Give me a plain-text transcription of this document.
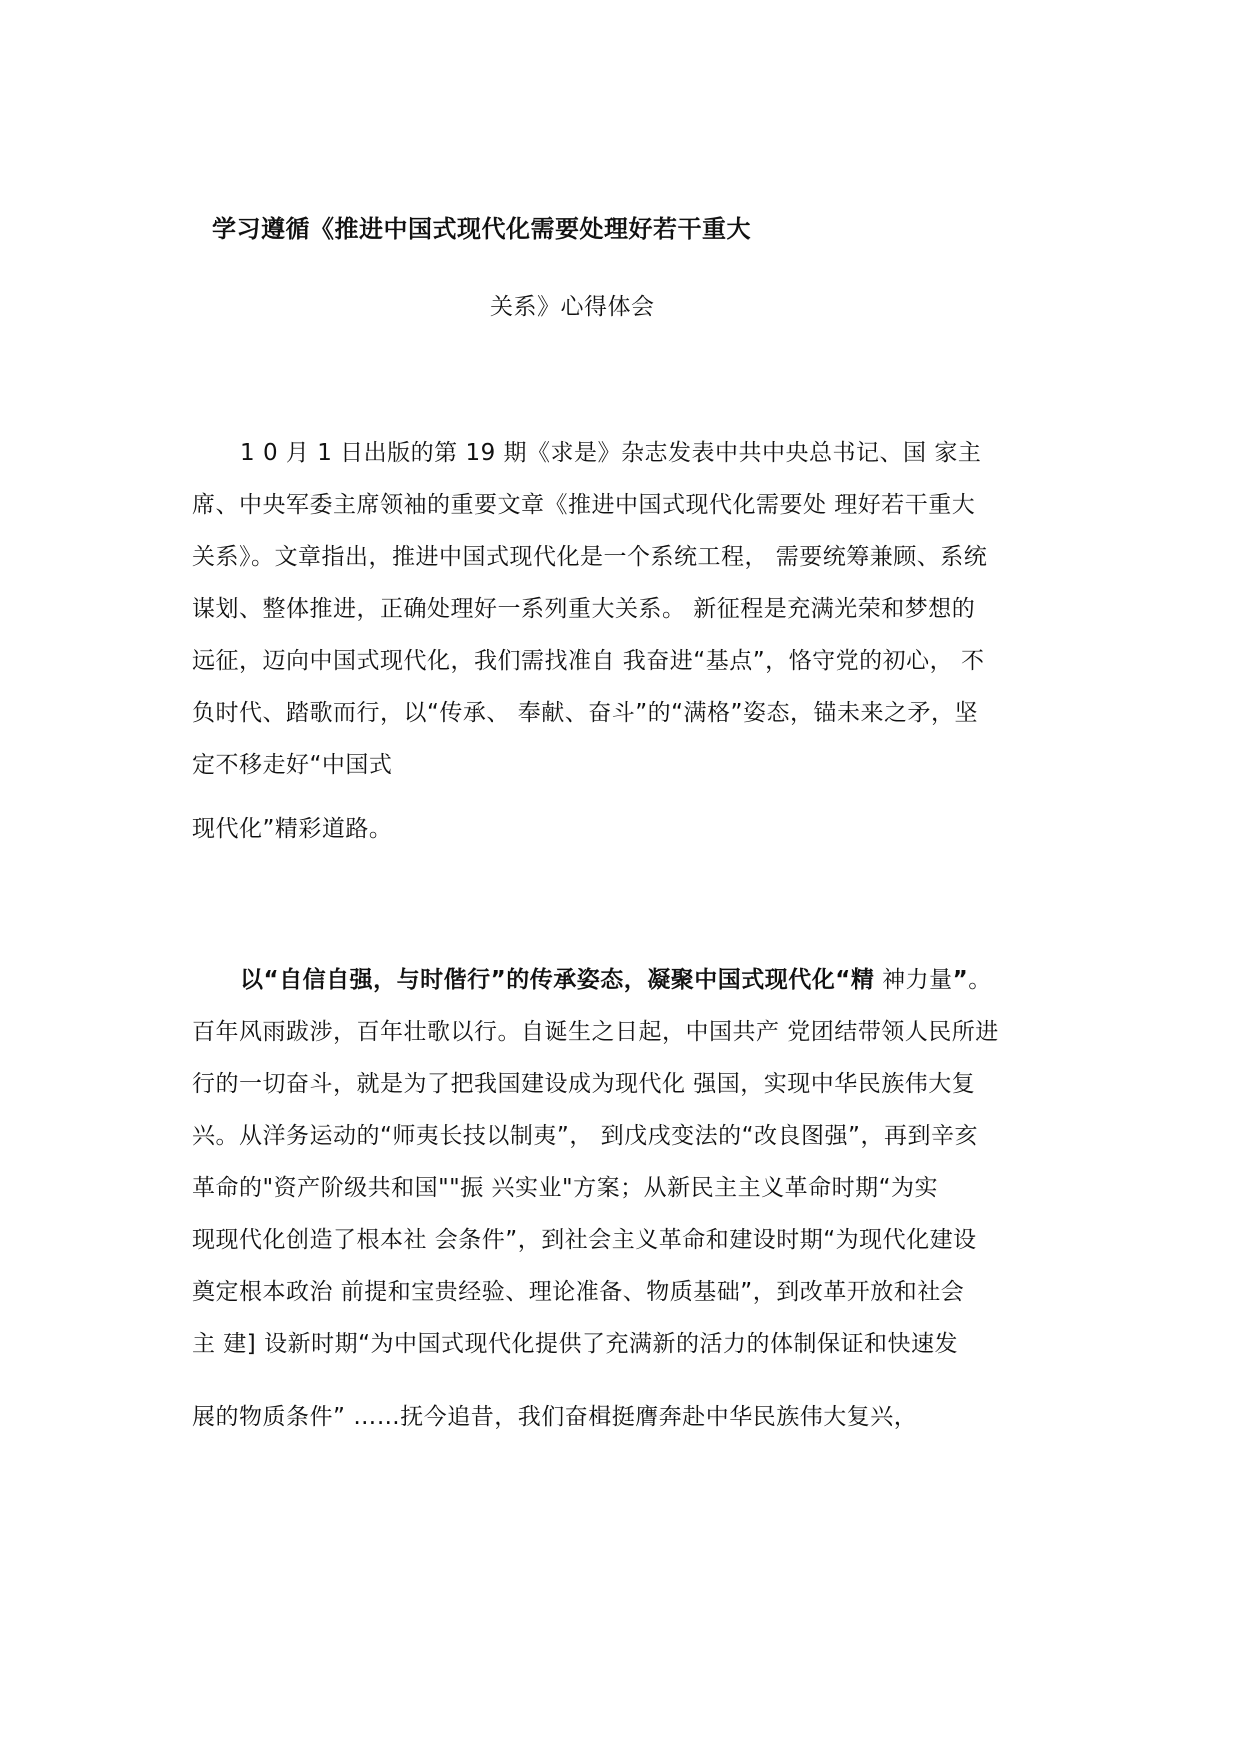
学习遵循《推进中国式现代化需要处理好若干重大
关系》心得体会
1 0 月 1 日出版的第 19 期《求是》杂志发表中共中央总书记、国 家主
席、中央军委主席领袖的重要文章《推进中国式现代化需要处 理好若干重大
关系》。文章指出，推进中国式现代化是一个系统工程， 需要统筹兼顾、系统
谋划、整体推进，正确处理好一系列重大关系。 新征程是充满光荣和梦想的
远征，迈向中国式现代化，我们需找准自 我奋进“基点”，恪守党的初心， 不
负时代、踏歌而行，以“传承、 奉献、奋斗”的“满格”姿态，锚未来之矛，坚
定不移走好“中国式
现代化”精彩道路。
以“自信自强，与时偕行”的传承姿态，凝聚中国式现代化“精 神力量”。
百年风雨跋涉，百年壮歌以行。自诞生之日起，中国共产 党团结带领人民所进
行的一切奋斗，就是为了把我国建设成为现代化 强国，实现中华民族伟大复
兴。从洋务运动的“师夷长技以制夷”， 到戊戌变法的“改良图强”，再到辛亥
革命的"资产阶级共和国""振 兴实业"方案；从新民主主义革命时期“为实
现现代化创造了根本社 会条件”，到社会主义革命和建设时期“为现代化建设
奠定根本政治 前提和宝贵经验、理论准备、物质基础”，到改革开放和社会
主 建] 设新时期“为中国式现代化提供了充满新的活力的体制保证和快速发
展的物质条件” ……抚今追昔，我们奋楫挺膺奔赴中华民族伟大复兴，
